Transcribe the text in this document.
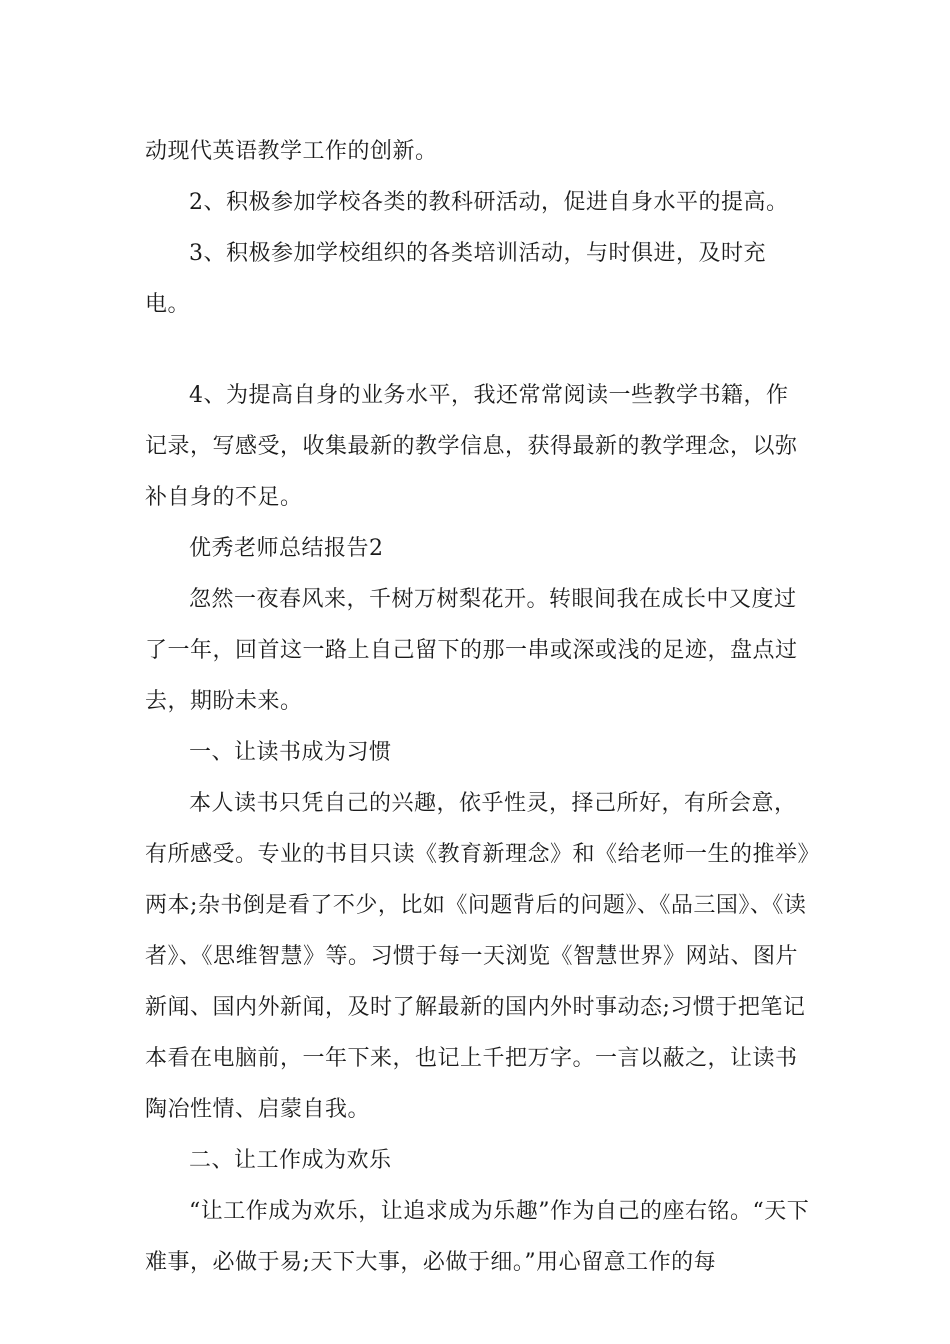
动现代英语教学工作的创新。

2、积极参加学校各类的教科研活动，促进自身水平的提高。

3、积极参加学校组织的各类培训活动，与时俱进，及时充电。

4、为提高自身的业务水平，我还常常阅读一些教学书籍，作记录，写感受，收集最新的教学信息，获得最新的教学理念，以弥补自身的不足。

优秀老师总结报告2

忽然一夜春风来，千树万树梨花开。转眼间我在成长中又度过了一年，回首这一路上自己留下的那一串或深或浅的足迹，盘点过去，期盼未来。

一、让读书成为习惯

本人读书只凭自己的兴趣，依乎性灵，择己所好，有所会意，有所感受。专业的书目只读《教育新理念》和《给老师一生的推举》两本;杂书倒是看了不少，比如《问题背后的问题》、《品三国》、《读者》、《思维智慧》等。习惯于每一天浏览《智慧世界》网站、图片新闻、国内外新闻，及时了解最新的国内外时事动态;习惯于把笔记本看在电脑前，一年下来，也记上千把万字。一言以蔽之，让读书陶冶性情、启蒙自我。

二、让工作成为欢乐

“让工作成为欢乐，让追求成为乐趣”作为自己的座右铭。“天下难事，必做于易;天下大事，必做于细。”用心留意工作的每
